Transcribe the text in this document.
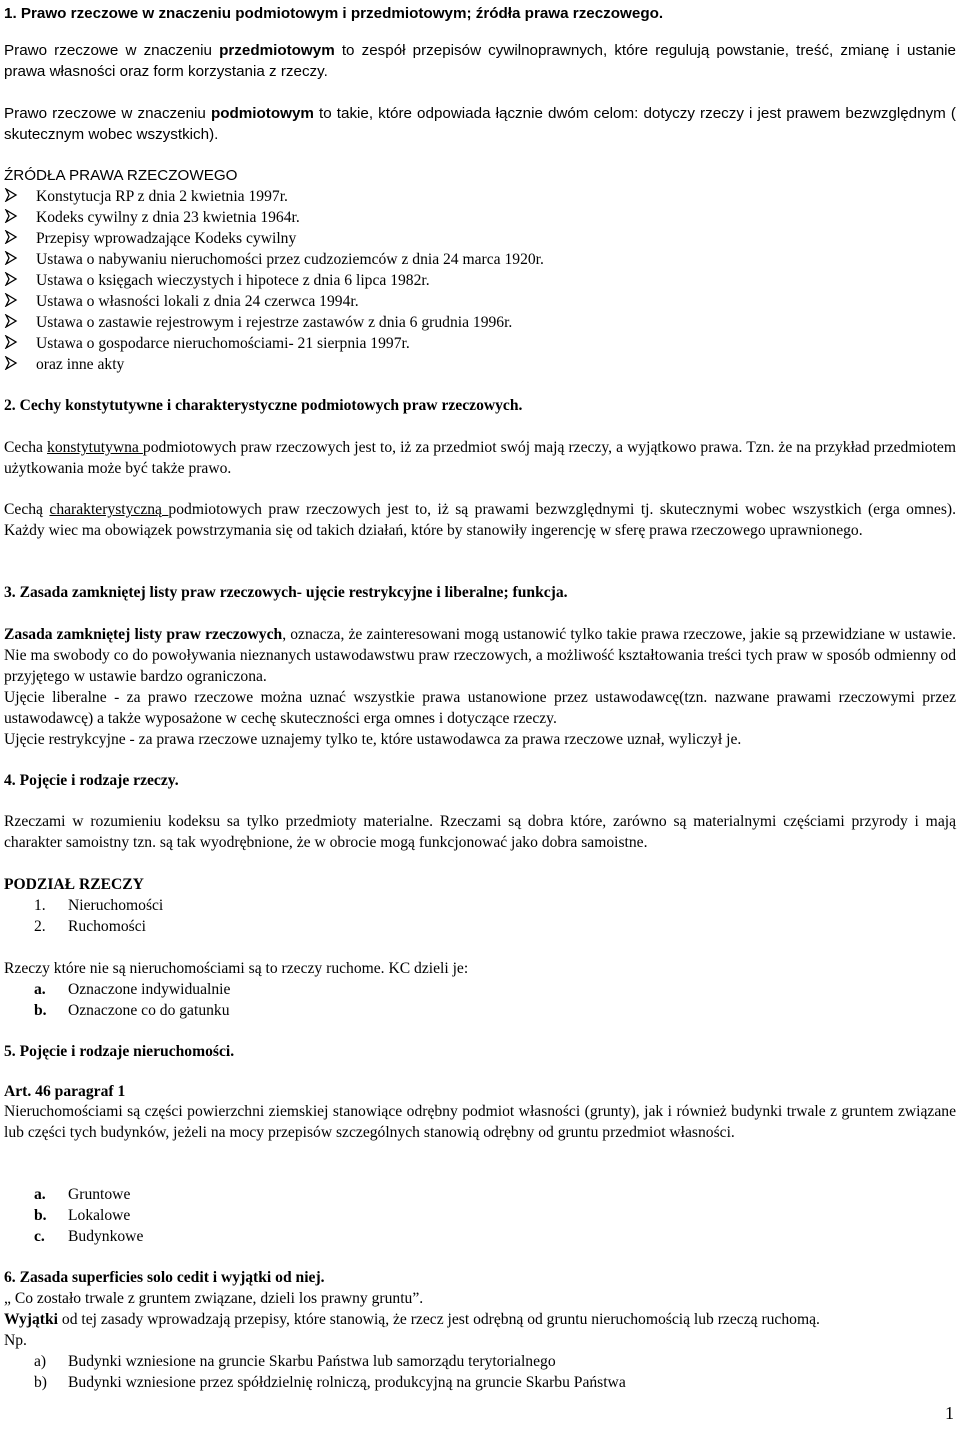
1. Prawo rzeczowe w znaczeniu podmiotowym i przedmiotowym; źródła prawa rzeczowego.

Prawo rzeczowe w znaczeniu przedmiotowym to zespół przepisów cywilnoprawnych, które regulują powstanie, treść, zmianę i ustanie prawa własności oraz form korzystania z rzeczy.

Prawo rzeczowe w znaczeniu podmiotowym to takie, które odpowiada łącznie dwóm celom: dotyczy rzeczy i jest prawem bezwzględnym ( skutecznym wobec wszystkich).

ŹRÓDŁA PRAWA RZECZOWEGO

Konstytucja RP z dnia 2 kwietnia 1997r.
Kodeks cywilny z dnia 23 kwietnia 1964r.
Przepisy wprowadzające Kodeks cywilny
Ustawa o nabywaniu nieruchomości przez cudzoziemców z dnia 24 marca 1920r.
Ustawa o księgach wieczystych i hipotece z dnia 6 lipca 1982r.
Ustawa o własności lokali z dnia 24 czerwca 1994r.
Ustawa o zastawie rejestrowym i rejestrze zastawów z dnia 6 grudnia 1996r.
Ustawa o gospodarce nieruchomościami- 21 sierpnia 1997r.
oraz inne akty

2. Cechy konstytutywne i charakterystyczne podmiotowych praw rzeczowych.

Cecha konstytutywna podmiotowych praw rzeczowych jest to, iż za przedmiot swój mają rzeczy, a wyjątkowo prawa. Tzn. że na przykład przedmiotem użytkowania może być także prawo.

Cechą charakterystyczną podmiotowych praw rzeczowych jest to, iż są prawami bezwzględnymi tj. skutecznymi wobec wszystkich (erga omnes). Każdy wiec ma obowiązek powstrzymania się od takich działań, które by stanowiły ingerencję w sferę prawa rzeczowego uprawnionego.

3. Zasada zamkniętej listy praw rzeczowych- ujęcie restrykcyjne i liberalne; funkcja.

Zasada zamkniętej listy praw rzeczowych, oznacza, że zainteresowani mogą ustanowić tylko takie prawa rzeczowe, jakie są przewidziane w ustawie. Nie ma swobody co do powoływania nieznanych ustawodawstwu praw rzeczowych, a możliwość kształtowania treści tych praw w sposób odmienny od przyjętego w ustawie bardzo ograniczona.

Ujęcie liberalne - za prawo rzeczowe można uznać wszystkie prawa ustanowione przez ustawodawcę(tzn. nazwane prawami rzeczowymi przez ustawodawcę) a także wyposażone w cechę skuteczności erga omnes i dotyczące rzeczy.

Ujęcie restrykcyjne - za prawa rzeczowe uznajemy tylko te, które ustawodawca za prawa rzeczowe uznał, wyliczył je.

4. Pojęcie i rodzaje rzeczy.

Rzeczami w rozumieniu kodeksu sa tylko przedmioty materialne. Rzeczami są dobra które, zarówno są materialnymi częściami przyrody i mają charakter samoistny tzn. są tak wyodrębnione, że w obrocie mogą funkcjonować jako dobra samoistne.

PODZIAŁ RZECZY

1.	Nieruchomości
2.	Ruchomości

Rzeczy które nie są nieruchomościami są to rzeczy ruchome. KC dzieli je:

a.	Oznaczone indywidualnie
b.	Oznaczone co do gatunku

5. Pojęcie i rodzaje nieruchomości.

Art. 46 paragraf 1

Nieruchomościami są części powierzchni ziemskiej stanowiące odrębny podmiot własności (grunty), jak i również budynki trwale z gruntem związane lub części tych budynków, jeżeli na mocy przepisów szczególnych stanowią odrębny od gruntu przedmiot własności.

a.	Gruntowe
b.	Lokalowe
c.	Budynkowe

6. Zasada superficies solo cedit i wyjątki od niej.

„ Co zostało trwale z gruntem związane, dzieli los prawny gruntu”.

Wyjątki od tej zasady wprowadzają przepisy, które stanowią, że rzecz jest odrębną od gruntu nieruchomością lub rzeczą ruchomą.

Np.

a)	Budynki wzniesione na gruncie Skarbu Państwa lub samorządu terytorialnego
b)	Budynki wzniesione przez spółdzielnię rolniczą, produkcyjną na gruncie Skarbu Państwa
1
